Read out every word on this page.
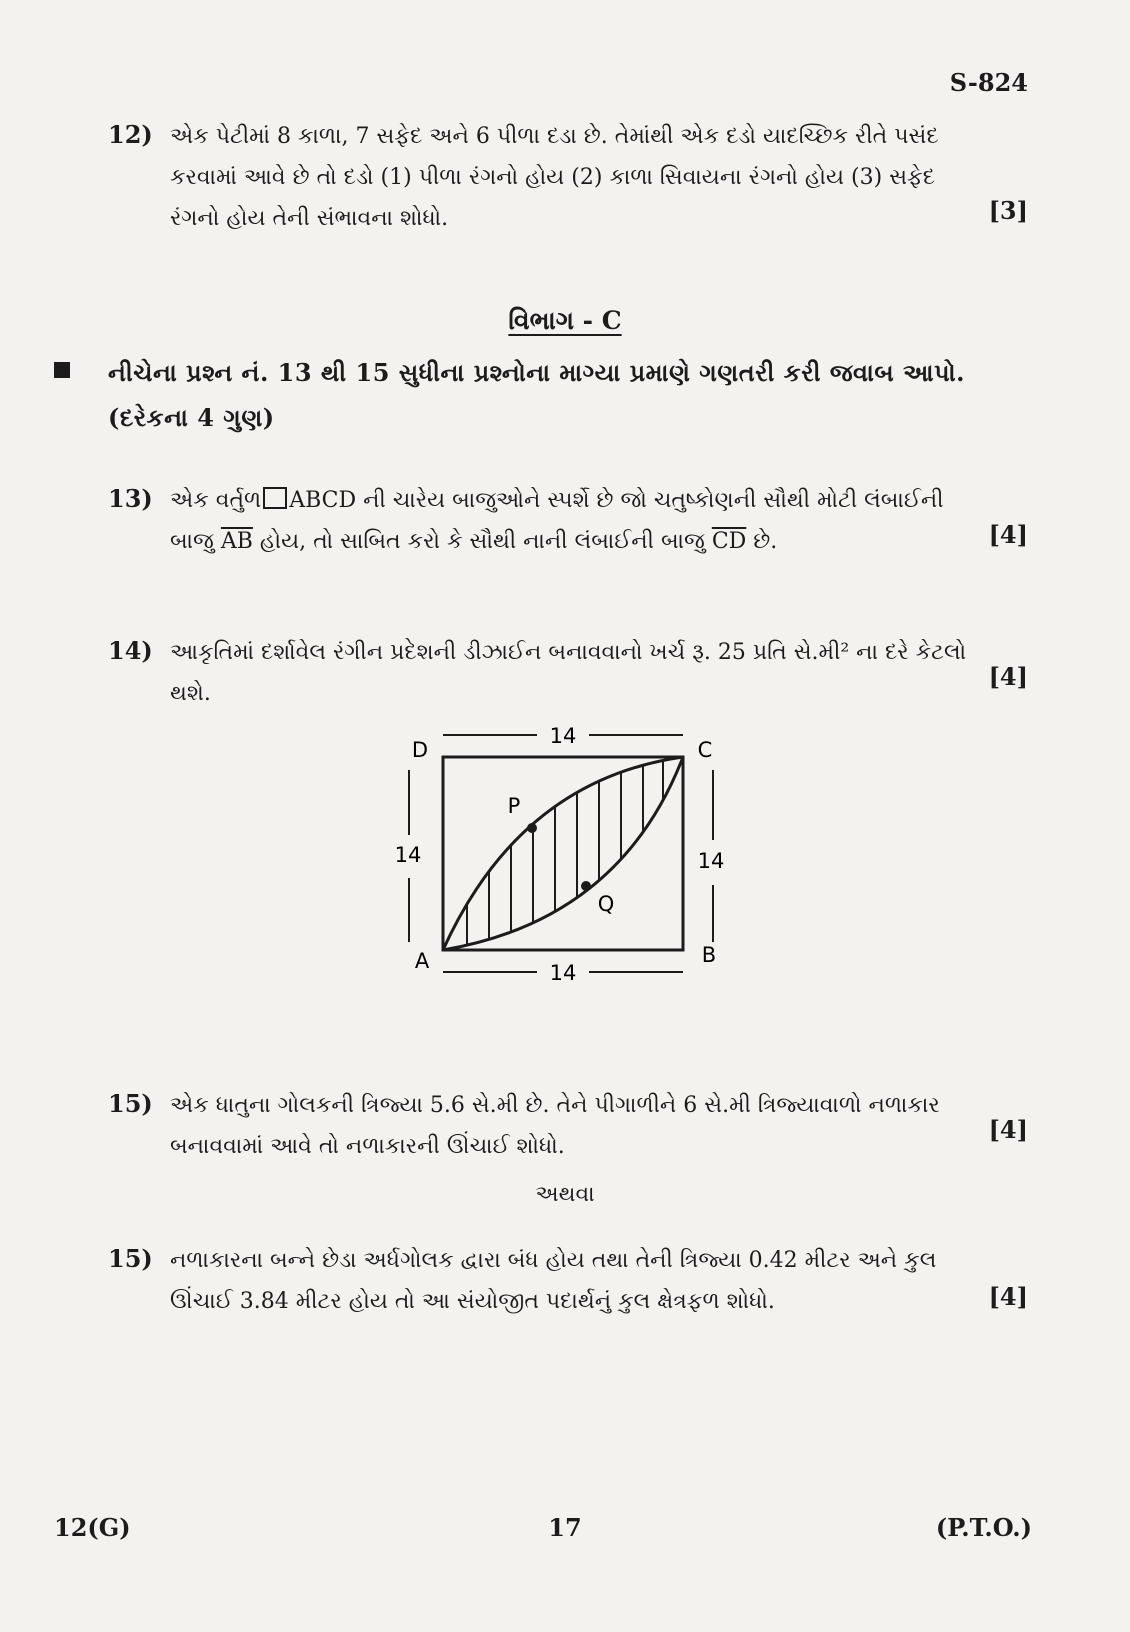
S-824
12) એક પેટીમાં 8 કાળા, 7 સફેદ અને 6 પીળા દડા છે. તેમાંથી એક દડો યાદચ્છિક રીતે પસંદ કરવામાં આવે છે તો દડો (1) પીળા રંગનો હોય (2) કાળા સિવાયના રંગનો હોય (3) સફેદ રંગનો હોય તેની સંભાવના શોધો.	[3]
વિભાગ - C
નીચેના પ્રશ્ન નં. 13 થી 15 સુધીના પ્રશ્નોના માગ્યા પ્રમાણે ગણતરી કરી જવાબ આપો. (દરેકના 4 ગુણ)
13) એક વર્તુળ ABCD ની ચારેય બાજુઓને સ્પર્શે છે જો ચતુષ્કોણની સૌથી મોટી લંબાઈની બાજુ $\overline{AB}$ હોય, તો સાબિત કરો કે સૌથી નાની લંબાઈની બાજુ $\overline{CD}$ છે.	[4]
14) આકૃતિમાં દર્શાવેલ રંગીન પ્રદેશની ડીઝાઈન બનાવવાનો ખર્ચ રૂ. 25 પ્રતિ સે.મી² ના દરે કેટલો થશે.
[4]
14
14
14	14
D	C
A	B
P
Q
15) એક ધાતુના ગોલકની ત્રિજ્યા 5.6 સે.મી છે. તેને પીગાળીને 6 સે.મી ત્રિજ્યાવાળો નળાકાર બનાવવામાં આવે તો નળાકારની ઊંચાઈ શોધો.
[4]
અથવા
15) નળાકારના બન્ને છેડા અર્ધગોલક દ્વારા બંધ હોય તથા તેની ત્રિજ્યા 0.42 મીટર અને કુલ ઊંચાઈ 3.84 મીટર હોય તો આ સંયોજીત પદાર્થનું કુલ ક્ષેત્રફળ શોધો.	[4]
12(G)	17	(P.T.O.)
